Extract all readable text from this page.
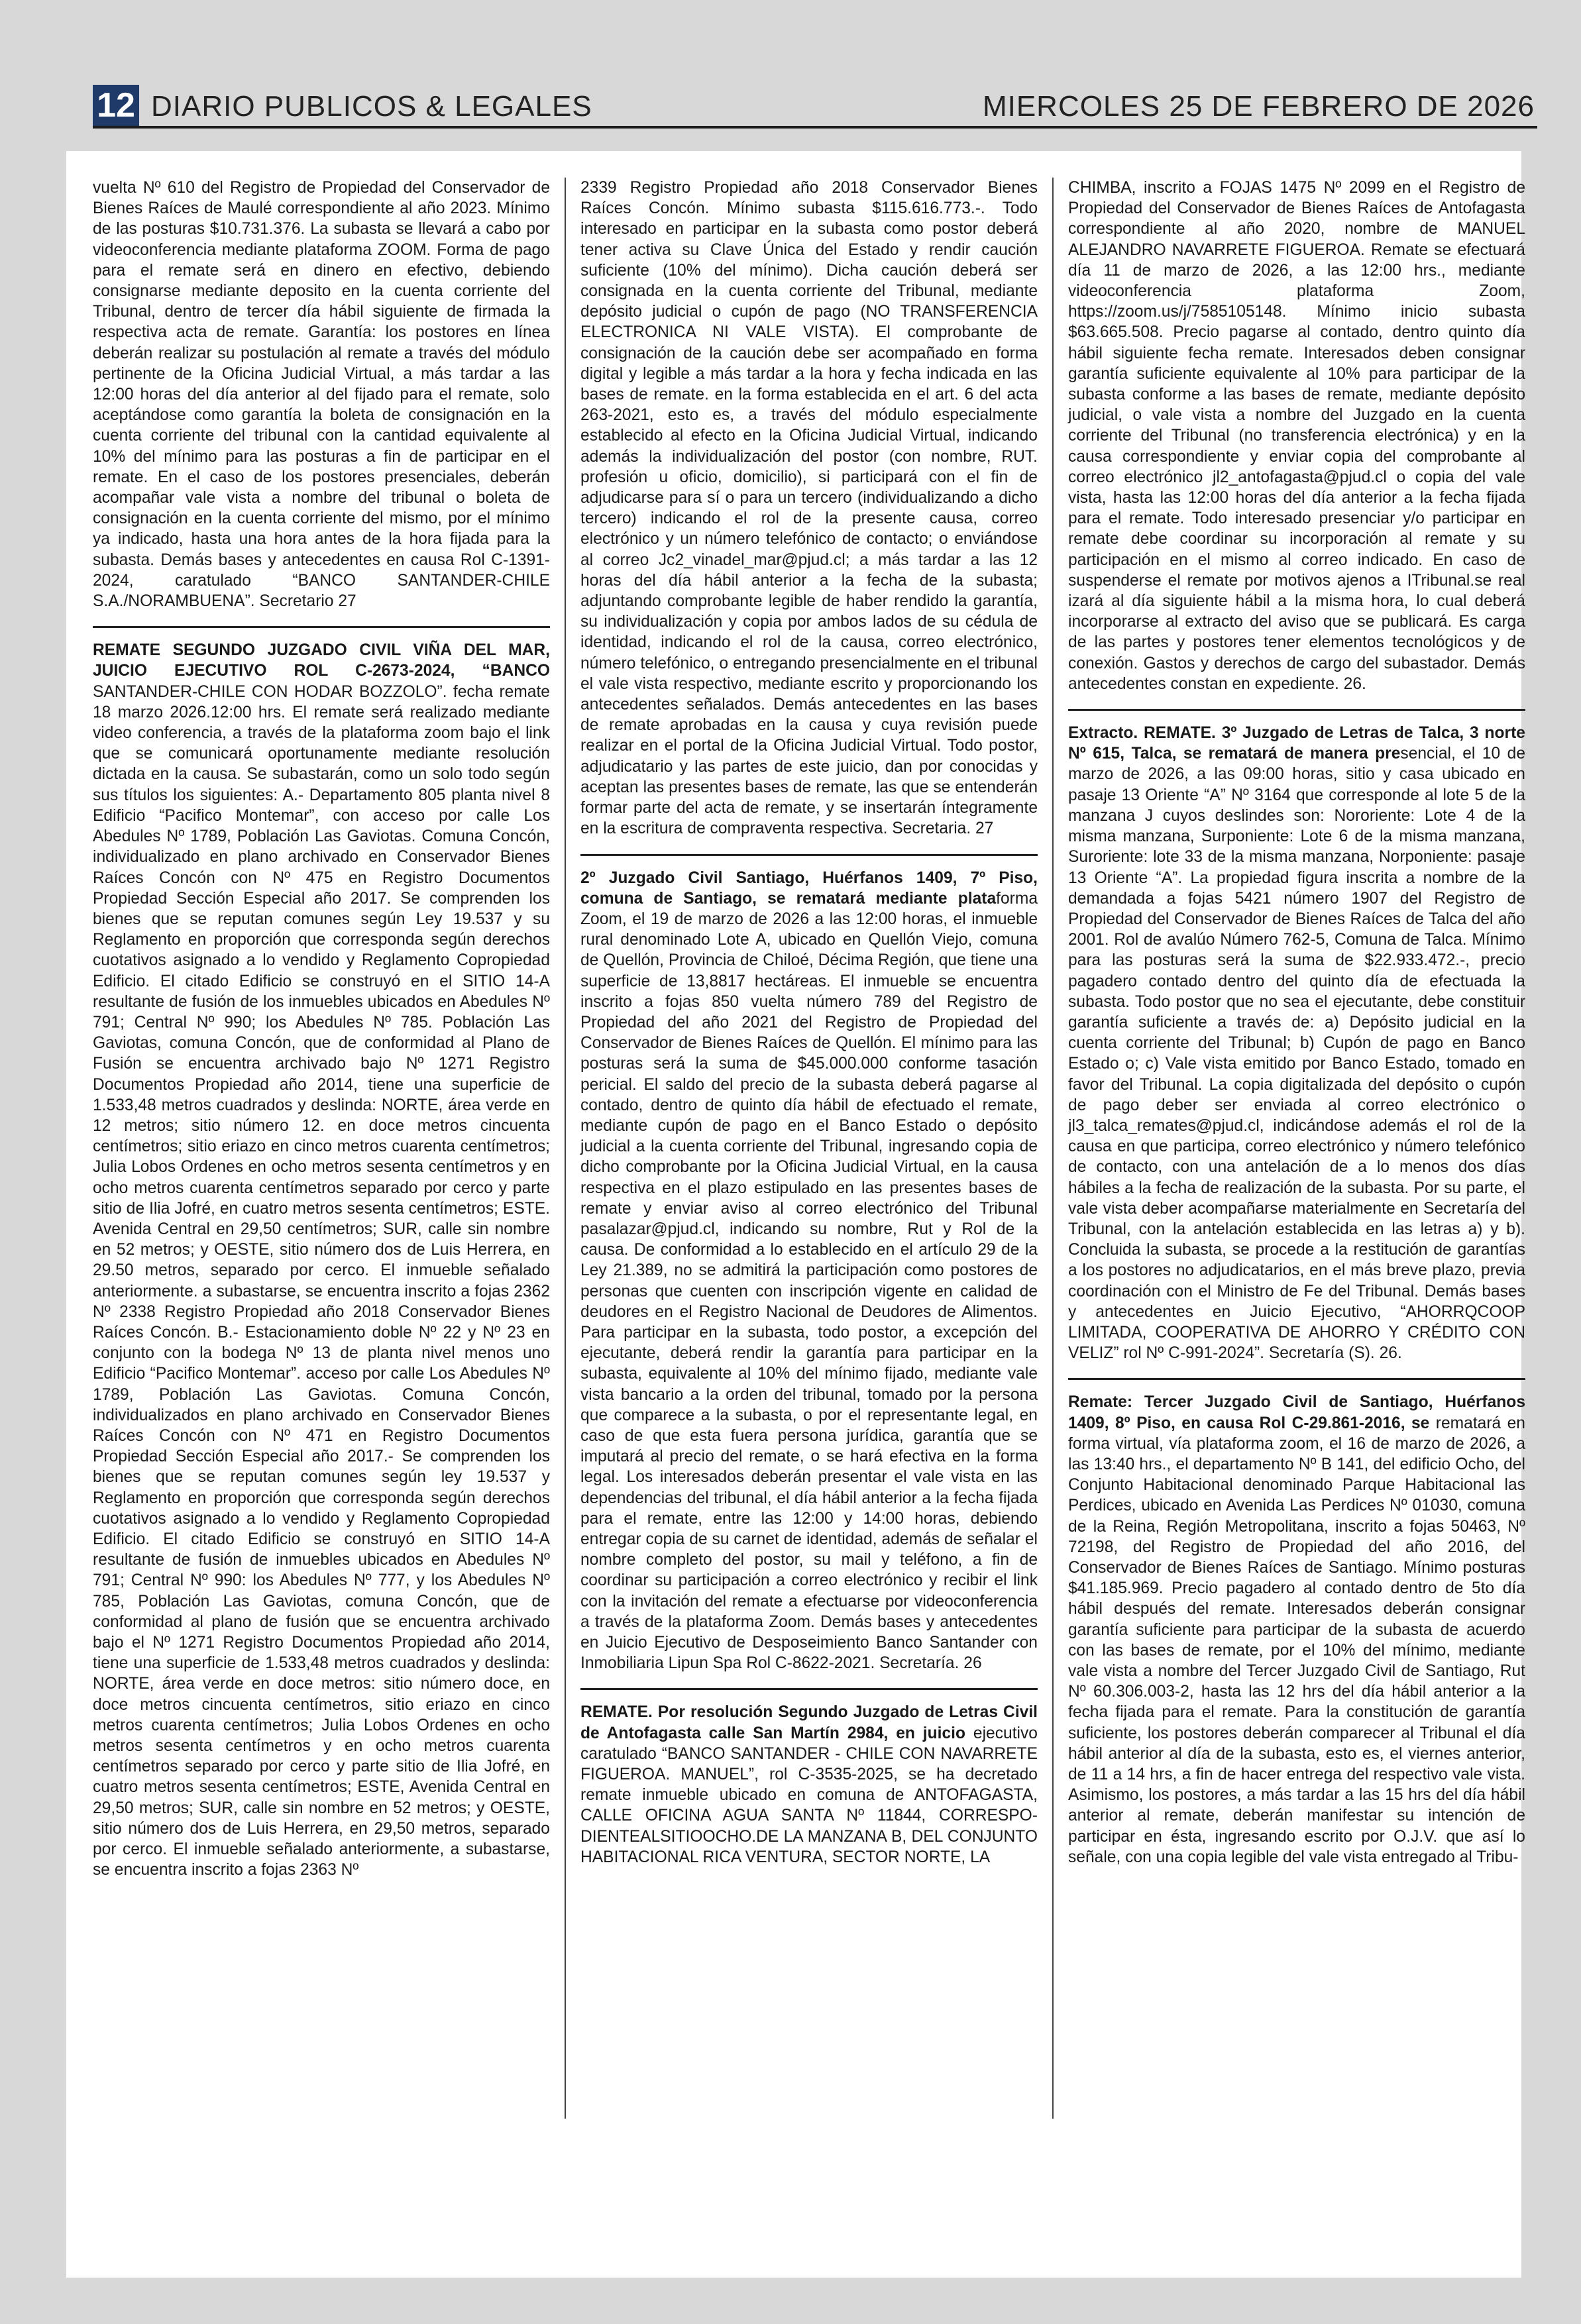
12 DIARIO PUBLICOS & LEGALES	MIERCOLES 25 DE FEBRERO DE 2026

vuelta Nº 610 del Registro de Propiedad del Conservador de Bienes Raíces de Maulé correspondiente al año 2023. Mínimo de las posturas $10.731.376. La subasta se llevará a cabo por videoconferencia mediante plataforma ZOOM. Forma de pago para el remate será en dinero en efectivo, debiendo consignarse mediante deposito en la cuenta corriente del Tribunal, dentro de tercer día hábil siguiente de firmada la respectiva acta de remate. Garantía: los postores en línea deberán realizar su postulación al remate a través del módulo pertinente de la Oficina Judicial Virtual, a más tardar a las 12:00 horas del día anterior al del fijado para el remate, solo aceptándose como garantía la boleta de consignación en la cuenta corriente del tribunal con la cantidad equivalente al 10% del mínimo para las posturas a fin de participar en el remate. En el caso de los postores presenciales, deberán acompañar vale vista a nombre del tribunal o boleta de consignación en la cuenta corriente del mismo, por el mínimo ya indicado, hasta una hora antes de la hora fijada para la subasta. Demás bases y antecedentes en causa Rol C-1391-2024, caratulado “BANCO SANTANDER-CHILE S.A./NORAMBUENA”. Secretario 27

REMATE SEGUNDO JUZGADO CIVIL VIÑA DEL MAR, JUICIO EJECUTIVO ROL C-2673-2024, “BANCO SANTANDER-CHILE CON HODAR BOZZOLO”. fecha remate 18 marzo 2026.12:00 hrs. El remate será realizado mediante video conferencia, a través de la plataforma zoom bajo el link que se comunicará oportunamente mediante resolución dictada en la causa. Se subastarán, como un solo todo según sus títulos los siguientes: A.- Departamento 805 planta nivel 8 Edificio “Pacifico Montemar”, con acceso por calle Los Abedules Nº 1789, Población Las Gaviotas. Comuna Concón, individualizado en plano archivado en Conservador Bienes Raíces Concón con Nº 475 en Registro Documentos Propiedad Sección Especial año 2017. Se comprenden los bienes que se reputan comunes según Ley 19.537 y su Reglamento en proporción que corresponda según derechos cuotativos asignado a lo vendido y Reglamento Copropiedad Edificio. El citado Edificio se construyó en el SITIO 14-A resultante de fusión de los inmuebles ubicados en Abedules Nº 791; Central Nº 990; los Abedules Nº 785. Población Las Gaviotas, comuna Concón, que de conformidad al Plano de Fusión se encuentra archivado bajo Nº 1271 Registro Documentos Propiedad año 2014, tiene una superficie de 1.533,48 metros cuadrados y deslinda: NORTE, área verde en 12 metros; sitio número 12. en doce metros cincuenta centímetros; sitio eriazo en cinco metros cuarenta centímetros; Julia Lobos Ordenes en ocho metros sesenta centímetros y en ocho metros cuarenta centímetros separado por cerco y parte sitio de Ilia Jofré, en cuatro metros sesenta centímetros; ESTE. Avenida Central en 29,50 centímetros; SUR, calle sin nombre en 52 metros; y OESTE, sitio número dos de Luis Herrera, en 29.50 metros, separado por cerco. El inmueble señalado anteriormente. a subastarse, se encuentra inscrito a fojas 2362 Nº 2338 Registro Propiedad año 2018 Conservador Bienes Raíces Concón. B.- Estacionamiento doble Nº 22 y Nº 23 en conjunto con la bodega Nº 13 de planta nivel menos uno Edificio “Pacifico Montemar”. acceso por calle Los Abedules Nº 1789, Población Las Gaviotas. Comuna Concón, individualizados en plano archivado en Conservador Bienes Raíces Concón con Nº 471 en Registro Documentos Propiedad Sección Especial año 2017.- Se comprenden los bienes que se reputan comunes según ley 19.537 y Reglamento en proporción que corresponda según derechos cuotativos asignado a lo vendido y Reglamento Copropiedad Edificio. El citado Edificio se construyó en SITIO 14-A resultante de fusión de inmuebles ubicados en Abedules Nº 791; Central Nº 990: los Abedules Nº 777, y los Abedules Nº 785, Población Las Gaviotas, comuna Concón, que de conformidad al plano de fusión que se encuentra archivado bajo el Nº 1271 Registro Documentos Propiedad año 2014, tiene una superficie de 1.533,48 metros cuadrados y deslinda: NORTE, área verde en doce metros: sitio número doce, en doce metros cincuenta centímetros, sitio eriazo en cinco metros cuarenta centímetros; Julia Lobos Ordenes en ocho metros sesenta centímetros y en ocho metros cuarenta centímetros separado por cerco y parte sitio de Ilia Jofré, en cuatro metros sesenta centímetros; ESTE, Avenida Central en 29,50 metros; SUR, calle sin nombre en 52 metros; y OESTE, sitio número dos de Luis Herrera, en 29,50 metros, separado por cerco. El inmueble señalado anteriormente, a subastarse, se encuentra inscrito a fojas 2363 Nº

2339 Registro Propiedad año 2018 Conservador Bienes Raíces Concón. Mínimo subasta $115.616.773.-. Todo interesado en participar en la subasta como postor deberá tener activa su Clave Única del Estado y rendir caución suficiente (10% del mínimo). Dicha caución deberá ser consignada en la cuenta corriente del Tribunal, mediante depósito judicial o cupón de pago (NO TRANSFERENCIA ELECTRONICA NI VALE VISTA). El comprobante de consignación de la caución debe ser acompañado en forma digital y legible a más tardar a la hora y fecha indicada en las bases de remate. en la forma establecida en el art. 6 del acta 263-2021, esto es, a través del módulo especialmente establecido al efecto en la Oficina Judicial Virtual, indicando además la individualización del postor (con nombre, RUT. profesión u oficio, domicilio), si participará con el fin de adjudicarse para sí o para un tercero (individualizando a dicho tercero) indicando el rol de la presente causa, correo electrónico y un número telefónico de contacto; o enviándose al correo Jc2_vinadel_mar@pjud.cl; a más tardar a las 12 horas del día hábil anterior a la fecha de la subasta; adjuntando comprobante legible de haber rendido la garantía, su individualización y copia por ambos lados de su cédula de identidad, indicando el rol de la causa, correo electrónico, número telefónico, o entregando presencialmente en el tribunal el vale vista respectivo, mediante escrito y proporcionando los antecedentes señalados. Demás antecedentes en las bases de remate aprobadas en la causa y cuya revisión puede realizar en el portal de la Oficina Judicial Virtual. Todo postor, adjudicatario y las partes de este juicio, dan por conocidas y aceptan las presentes bases de remate, las que se entenderán formar parte del acta de remate, y se insertarán íntegramente en la escritura de compraventa respectiva. Secretaria. 27

2º Juzgado Civil Santiago, Huérfanos 1409, 7º Piso, comuna de Santiago, se rematará mediante plataforma Zoom, el 19 de marzo de 2026 a las 12:00 horas, el inmueble rural denominado Lote A, ubicado en Quellón Viejo, comuna de Quellón, Provincia de Chiloé, Décima Región, que tiene una superficie de 13,8817 hectáreas. El inmueble se encuentra inscrito a fojas 850 vuelta número 789 del Registro de Propiedad del año 2021 del Registro de Propiedad del Conservador de Bienes Raíces de Quellón. El mínimo para las posturas será la suma de $45.000.000 conforme tasación pericial. El saldo del precio de la subasta deberá pagarse al contado, dentro de quinto día hábil de efectuado el remate, mediante cupón de pago en el Banco Estado o depósito judicial a la cuenta corriente del Tribunal, ingresando copia de dicho comprobante por la Oficina Judicial Virtual, en la causa respectiva en el plazo estipulado en las presentes bases de remate y enviar aviso al correo electrónico del Tribunal pasalazar@pjud.cl, indicando su nombre, Rut y Rol de la causa. De conformidad a lo establecido en el artículo 29 de la Ley 21.389, no se admitirá la participación como postores de personas que cuenten con inscripción vigente en calidad de deudores en el Registro Nacional de Deudores de Alimentos. Para participar en la subasta, todo postor, a excepción del ejecutante, deberá rendir la garantía para participar en la subasta, equivalente al 10% del mínimo fijado, mediante vale vista bancario a la orden del tribunal, tomado por la persona que comparece a la subasta, o por el representante legal, en caso de que esta fuera persona jurídica, garantía que se imputará al precio del remate, o se hará efectiva en la forma legal. Los interesados deberán presentar el vale vista en las dependencias del tribunal, el día hábil anterior a la fecha fijada para el remate, entre las 12:00 y 14:00 horas, debiendo entregar copia de su carnet de identidad, además de señalar el nombre completo del postor, su mail y teléfono, a fin de coordinar su participación a correo electrónico y recibir el link con la invitación del remate a efectuarse por videoconferencia a través de la plataforma Zoom. Demás bases y antecedentes en Juicio Ejecutivo de Desposeimiento Banco Santander con Inmobiliaria Lipun Spa Rol C-8622-2021. Secretaría. 26

REMATE. Por resolución Segundo Juzgado de Letras Civil de Antofagasta calle San Martín 2984, en juicio ejecutivo caratulado “BANCO SANTANDER - CHILE CON NAVARRETE FIGUEROA. MANUEL”, rol C-3535-2025, se ha decretado remate inmueble ubicado en comuna de ANTOFAGASTA, CALLE OFICINA AGUA SANTA Nº 11844, CORRESPO-DIENTEALSITIOOCHO.DE LA MANZANA B, DEL CONJUNTO HABITACIONAL RICA VENTURA, SECTOR NORTE, LA

CHIMBA, inscrito a FOJAS 1475 Nº 2099 en el Registro de Propiedad del Conservador de Bienes Raíces de Antofagasta correspondiente al año 2020, nombre de MANUEL ALEJANDRO NAVARRETE FIGUEROA. Remate se efectuará día 11 de marzo de 2026, a las 12:00 hrs., mediante videoconferencia plataforma Zoom, https://zoom.us/j/7585105148. Mínimo inicio subasta $63.665.508. Precio pagarse al contado, dentro quinto día hábil siguiente fecha remate. Interesados deben consignar garantía suficiente equivalente al 10% para participar de la subasta conforme a las bases de remate, mediante depósito judicial, o vale vista a nombre del Juzgado en la cuenta corriente del Tribunal (no transferencia electrónica) y en la causa correspondiente y enviar copia del comprobante al correo electrónico jl2_antofagasta@pjud.cl o copia del vale vista, hasta las 12:00 horas del día anterior a la fecha fijada para el remate. Todo interesado presenciar y/o participar en remate debe coordinar su incorporación al remate y su participación en el mismo al correo indicado. En caso de suspenderse el remate por motivos ajenos a ITribunal.se real izará al día siguiente hábil a la misma hora, lo cual deberá incorporarse al extracto del aviso que se publicará. Es carga de las partes y postores tener elementos tecnológicos y de conexión. Gastos y derechos de cargo del subastador. Demás antecedentes constan en expediente. 26.

Extracto. REMATE. 3º Juzgado de Letras de Talca, 3 norte Nº 615, Talca, se rematará de manera presencial, el 10 de marzo de 2026, a las 09:00 horas, sitio y casa ubicado en pasaje 13 Oriente “A” Nº 3164 que corresponde al lote 5 de la manzana J cuyos deslindes son: Nororiente: Lote 4 de la misma manzana, Surponiente: Lote 6 de la misma manzana, Suroriente: lote 33 de la misma manzana, Norponiente: pasaje 13 Oriente “A”. La propiedad figura inscrita a nombre de la demandada a fojas 5421 número 1907 del Registro de Propiedad del Conservador de Bienes Raíces de Talca del año 2001. Rol de avalúo Número 762-5, Comuna de Talca. Mínimo para las posturas será la suma de $22.933.472.-, precio pagadero contado dentro del quinto día de efectuada la subasta. Todo postor que no sea el ejecutante, debe constituir garantía suficiente a través de: a) Depósito judicial en la cuenta corriente del Tribunal; b) Cupón de pago en Banco Estado o; c) Vale vista emitido por Banco Estado, tomado en favor del Tribunal. La copia digitalizada del depósito o cupón de pago deber ser enviada al correo electrónico o jl3_talca_remates@pjud.cl, indicándose además el rol de la causa en que participa, correo electrónico y número telefónico de contacto, con una antelación de a lo menos dos días hábiles a la fecha de realización de la subasta. Por su parte, el vale vista deber acompañarse materialmente en Secretaría del Tribunal, con la antelación establecida en las letras a) y b). Concluida la subasta, se procede a la restitución de garantías a los postores no adjudicatarios, en el más breve plazo, previa coordinación con el Ministro de Fe del Tribunal. Demás bases y antecedentes en Juicio Ejecutivo, “AHORRQCOOP LIMITADA, COOPERATIVA DE AHORRO Y CRÉDITO CON VELIZ” rol Nº C-991-2024”. Secretaría (S). 26.

Remate: Tercer Juzgado Civil de Santiago, Huérfanos 1409, 8º Piso, en causa Rol C-29.861-2016, se rematará en forma virtual, vía plataforma zoom, el 16 de marzo de 2026, a las 13:40 hrs., el departamento Nº B 141, del edificio Ocho, del Conjunto Habitacional denominado Parque Habitacional las Perdices, ubicado en Avenida Las Perdices Nº 01030, comuna de la Reina, Región Metropolitana, inscrito a fojas 50463, Nº 72198, del Registro de Propiedad del año 2016, del Conservador de Bienes Raíces de Santiago. Mínimo posturas $41.185.969. Precio pagadero al contado dentro de 5to día hábil después del remate. Interesados deberán consignar garantía suficiente para participar de la subasta de acuerdo con las bases de remate, por el 10% del mínimo, mediante vale vista a nombre del Tercer Juzgado Civil de Santiago, Rut Nº 60.306.003-2, hasta las 12 hrs del día hábil anterior a la fecha fijada para el remate. Para la constitución de garantía suficiente, los postores deberán comparecer al Tribunal el día hábil anterior al día de la subasta, esto es, el viernes anterior, de 11 a 14 hrs, a fin de hacer entrega del respectivo vale vista. Asimismo, los postores, a más tardar a las 15 hrs del día hábil anterior al remate, deberán manifestar su intención de participar en ésta, ingresando escrito por O.J.V. que así lo señale, con una copia legible del vale vista entregado al Tribu-
